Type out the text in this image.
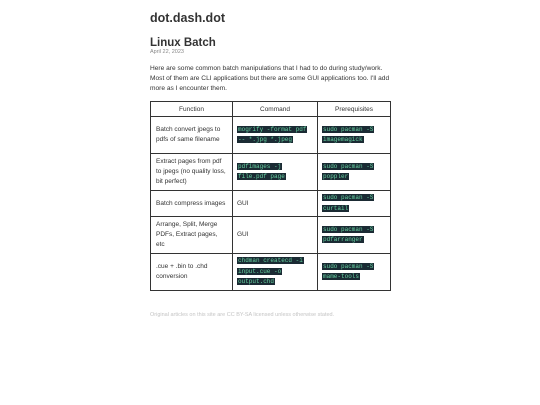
dot.dash.dot
Linux Batch
April 22, 2023

Here are some common batch manipulations that I had to do during study/work. Most of them are CLI applications but there are some GUI applications too. I'll add more as I encounter them.

Function	Command	Prerequisites
Batch convert jpegs to pdfs of same filename	mogrify -format pdf -- *.jpg *.jpeg	sudo pacman -S imagemagick
Extract pages from pdf to jpegs (no quality loss, bit perfect)	pdfimages -j file.pdf page	sudo pacman -S poppler
Batch compress images	GUI	sudo pacman -S curtail
Arrange, Split, Merge PDFs, Extract pages, etc	GUI	sudo pacman -S pdfarranger
.cue + .bin to .chd conversion	chdman createcd -i input.cue -o output.chd	sudo pacman -S mame-tools
Original articles on this site are CC BY-SA licensed unless otherwise stated.
